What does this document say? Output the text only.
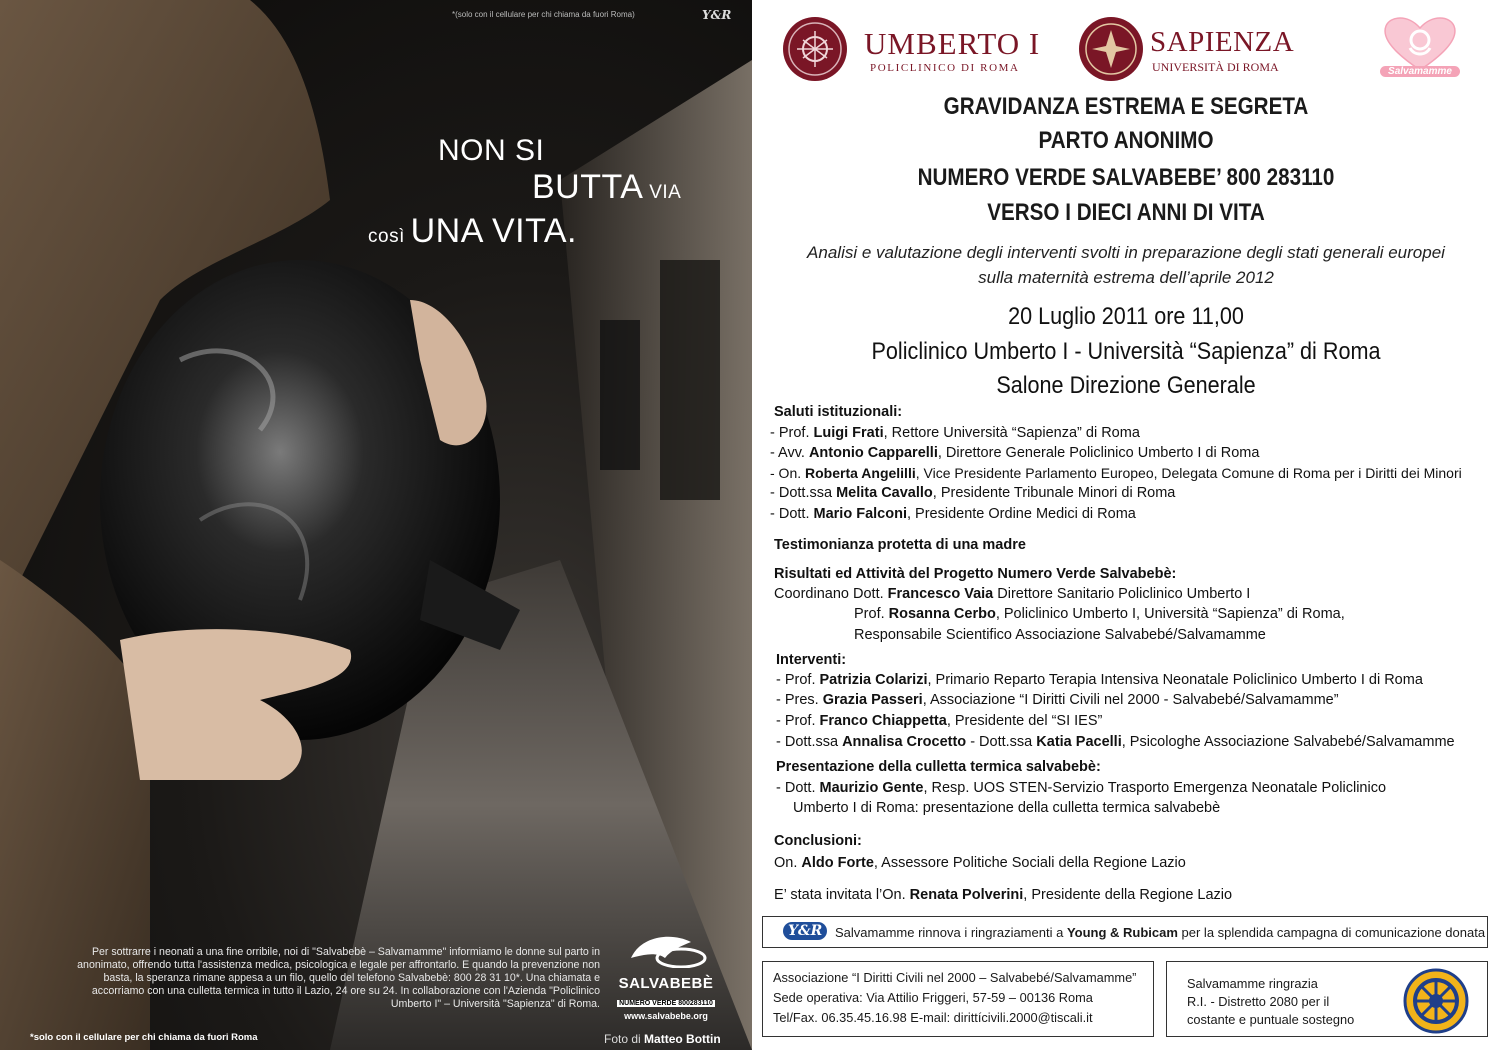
*(solo con il cellulare per chi chiama da fuori Roma)	Y&R
NON SI
BUTTA VIA
così UNA VITA.
Per sottrarre i neonati a una fine orribile, noi di "Salvabebè – Salvamamme" informiamo le donne sul parto in anonimato, offrendo tutta l'assistenza medica, psicologica e legale per affrontarlo. E quando la prevenzione non basta, la speranza rimane appesa a un filo, quello del telefono Salvabebè: 800 28 31 10*. Una chiamata e accorriamo con una culletta termica in tutto il Lazio, 24 ore su 24. In collaborazione con l'Azienda "Policlinico Umberto I" – Università "Sapienza" di Roma.
SALVABEBÈ
NUMERO VERDE 800283110
www.salvabebe.org
*solo con il cellulare per chi chiama da fuori Roma	Foto di Matteo Bottin
UMBERTO I
POLICLINICO DI ROMA
SAPIENZA
UNIVERSITÀ DI ROMA	Salvamamme
GRAVIDANZA ESTREMA E SEGRETA
PARTO ANONIMO
NUMERO VERDE SALVABEBE’ 800 283110
VERSO I DIECI ANNI DI VITA
Analisi e valutazione degli interventi svolti in preparazione degli stati generali europei
sulla maternità estrema dell’aprile 2012
20 Luglio 2011 ore 11,00
Policlinico Umberto I - Università “Sapienza” di Roma
Salone Direzione Generale
Saluti istituzionali:
- Prof. Luigi Frati, Rettore Università “Sapienza” di Roma
- Avv. Antonio Capparelli, Direttore Generale Policlinico Umberto I di Roma
- On. Roberta Angelilli, Vice Presidente Parlamento Europeo, Delegata Comune di Roma per i Diritti dei Minori
- Dott.ssa Melita Cavallo, Presidente Tribunale Minori di Roma
- Dott. Mario Falconi, Presidente Ordine Medici di Roma
Testimonianza protetta di una madre
Risultati ed Attività del Progetto Numero Verde Salvabebè:
Coordinano Dott. Francesco Vaia Direttore Sanitario Policlinico Umberto I
Prof. Rosanna Cerbo, Policlinico Umberto I, Università “Sapienza” di Roma,
Responsabile Scientifico Associazione Salvabebé/Salvamamme
Interventi:
- Prof. Patrizia Colarizi, Primario Reparto Terapia Intensiva Neonatale Policlinico Umberto I di Roma
- Pres. Grazia Passeri, Associazione “I Diritti Civili nel 2000 - Salvabebé/Salvamamme”
- Prof. Franco Chiappetta, Presidente del “SI IES”
- Dott.ssa Annalisa Crocetto - Dott.ssa Katia Pacelli, Psicologhe Associazione Salvabebé/Salvamamme
Presentazione della culletta termica salvabebè:
- Dott. Maurizio Gente, Resp. UOS STEN-Servizio Trasporto Emergenza Neonatale Policlinico
Umberto I di Roma: presentazione della culletta termica salvabebè
Conclusioni:
On. Aldo Forte, Assessore Politiche Sociali della Regione Lazio
E’ stata invitata l’On. Renata Polverini, Presidente della Regione Lazio
Y&R Salvamamme rinnova i ringraziamenti a Young & Rubicam per la splendida campagna di comunicazione donata
Associazione “I Diritti Civili nel 2000 – Salvabebé/Salvamamme”
Sede operativa: Via Attilio Friggeri, 57-59 – 00136 Roma
Tel/Fax. 06.35.45.16.98 E-mail: dirittícivili.2000@tiscali.it
Salvamamme ringrazia
R.I. - Distretto 2080 per il
costante e puntuale sostegno
